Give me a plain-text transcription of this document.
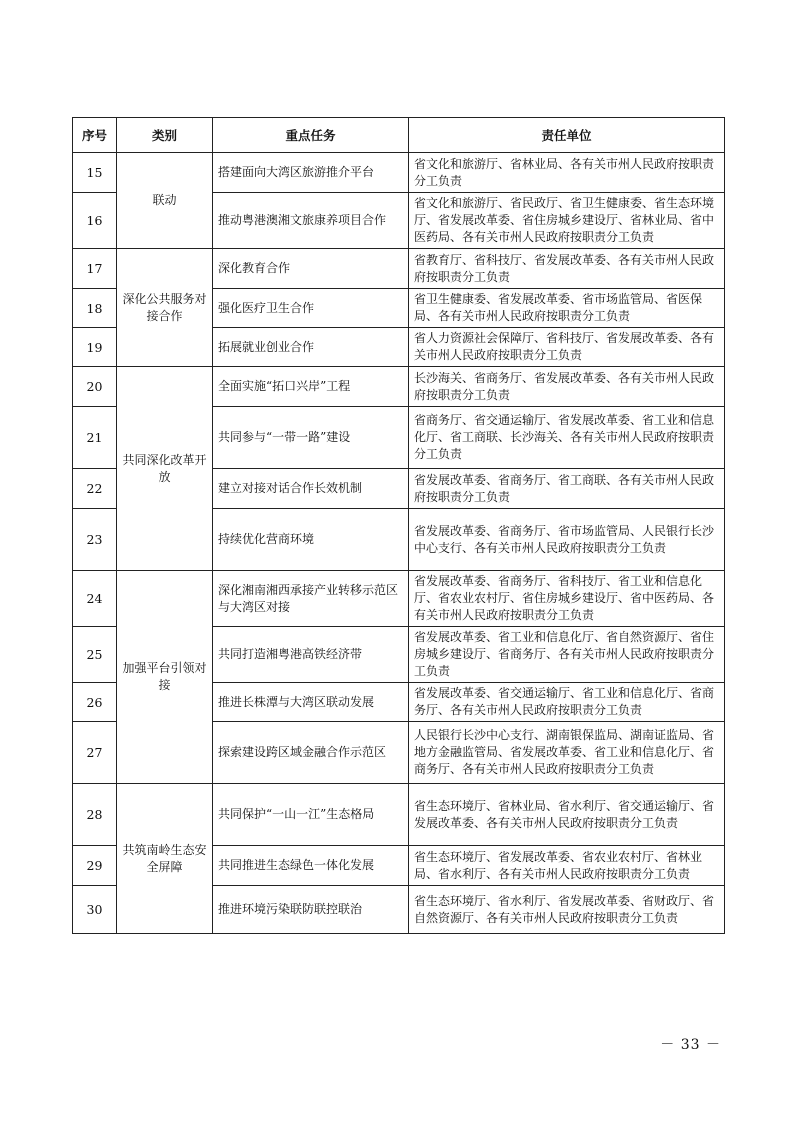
序号	类别	重点任务	责任单位
15	联动	搭建面向大湾区旅游推介平台	省文化和旅游厅、省林业局、各有关市州人民政府按职责分工负责
16		推动粤港澳湘文旅康养项目合作	省文化和旅游厅、省民政厅、省卫生健康委、省生态环境厅、省发展改革委、省住房城乡建设厅、省林业局、省中医药局、各有关市州人民政府按职责分工负责
17	深化公共服务对接合作	深化教育合作	省教育厅、省科技厅、省发展改革委、各有关市州人民政府按职责分工负责
18		强化医疗卫生合作	省卫生健康委、省发展改革委、省市场监管局、省医保局、各有关市州人民政府按职责分工负责
19		拓展就业创业合作	省人力资源社会保障厅、省科技厅、省发展改革委、各有关市州人民政府按职责分工负责
20	共同深化改革开放	全面实施“拓口兴岸”工程	长沙海关、省商务厅、省发展改革委、各有关市州人民政府按职责分工负责
21		共同参与“一带一路”建设	省商务厅、省交通运输厅、省发展改革委、省工业和信息化厅、省工商联、长沙海关、各有关市州人民政府按职责分工负责
22		建立对接对话合作长效机制	省发展改革委、省商务厅、省工商联、各有关市州人民政府按职责分工负责
23		持续优化营商环境	省发展改革委、省商务厅、省市场监管局、人民银行长沙中心支行、各有关市州人民政府按职责分工负责
24	加强平台引领对接	深化湘南湘西承接产业转移示范区与大湾区对接	省发展改革委、省商务厅、省科技厅、省工业和信息化厅、省农业农村厅、省住房城乡建设厅、省中医药局、各有关市州人民政府按职责分工负责
25		共同打造湘粤港高铁经济带	省发展改革委、省工业和信息化厅、省自然资源厅、省住房城乡建设厅、省商务厅、各有关市州人民政府按职责分工负责
26		推进长株潭与大湾区联动发展	省发展改革委、省交通运输厅、省工业和信息化厅、省商务厅、各有关市州人民政府按职责分工负责
27		探索建设跨区域金融合作示范区	人民银行长沙中心支行、湖南银保监局、湖南证监局、省地方金融监管局、省发展改革委、省工业和信息化厅、省商务厅、各有关市州人民政府按职责分工负责
28	共筑南岭生态安全屏障	共同保护“一山一江”生态格局	省生态环境厅、省林业局、省水利厅、省交通运输厅、省发展改革委、各有关市州人民政府按职责分工负责
29		共同推进生态绿色一体化发展	省生态环境厅、省发展改革委、省农业农村厅、省林业局、省水利厅、各有关市州人民政府按职责分工负责
30		推进环境污染联防联控联治	省生态环境厅、省水利厅、省发展改革委、省财政厅、省自然资源厅、各有关市州人民政府按职责分工负责
－ 33 －
